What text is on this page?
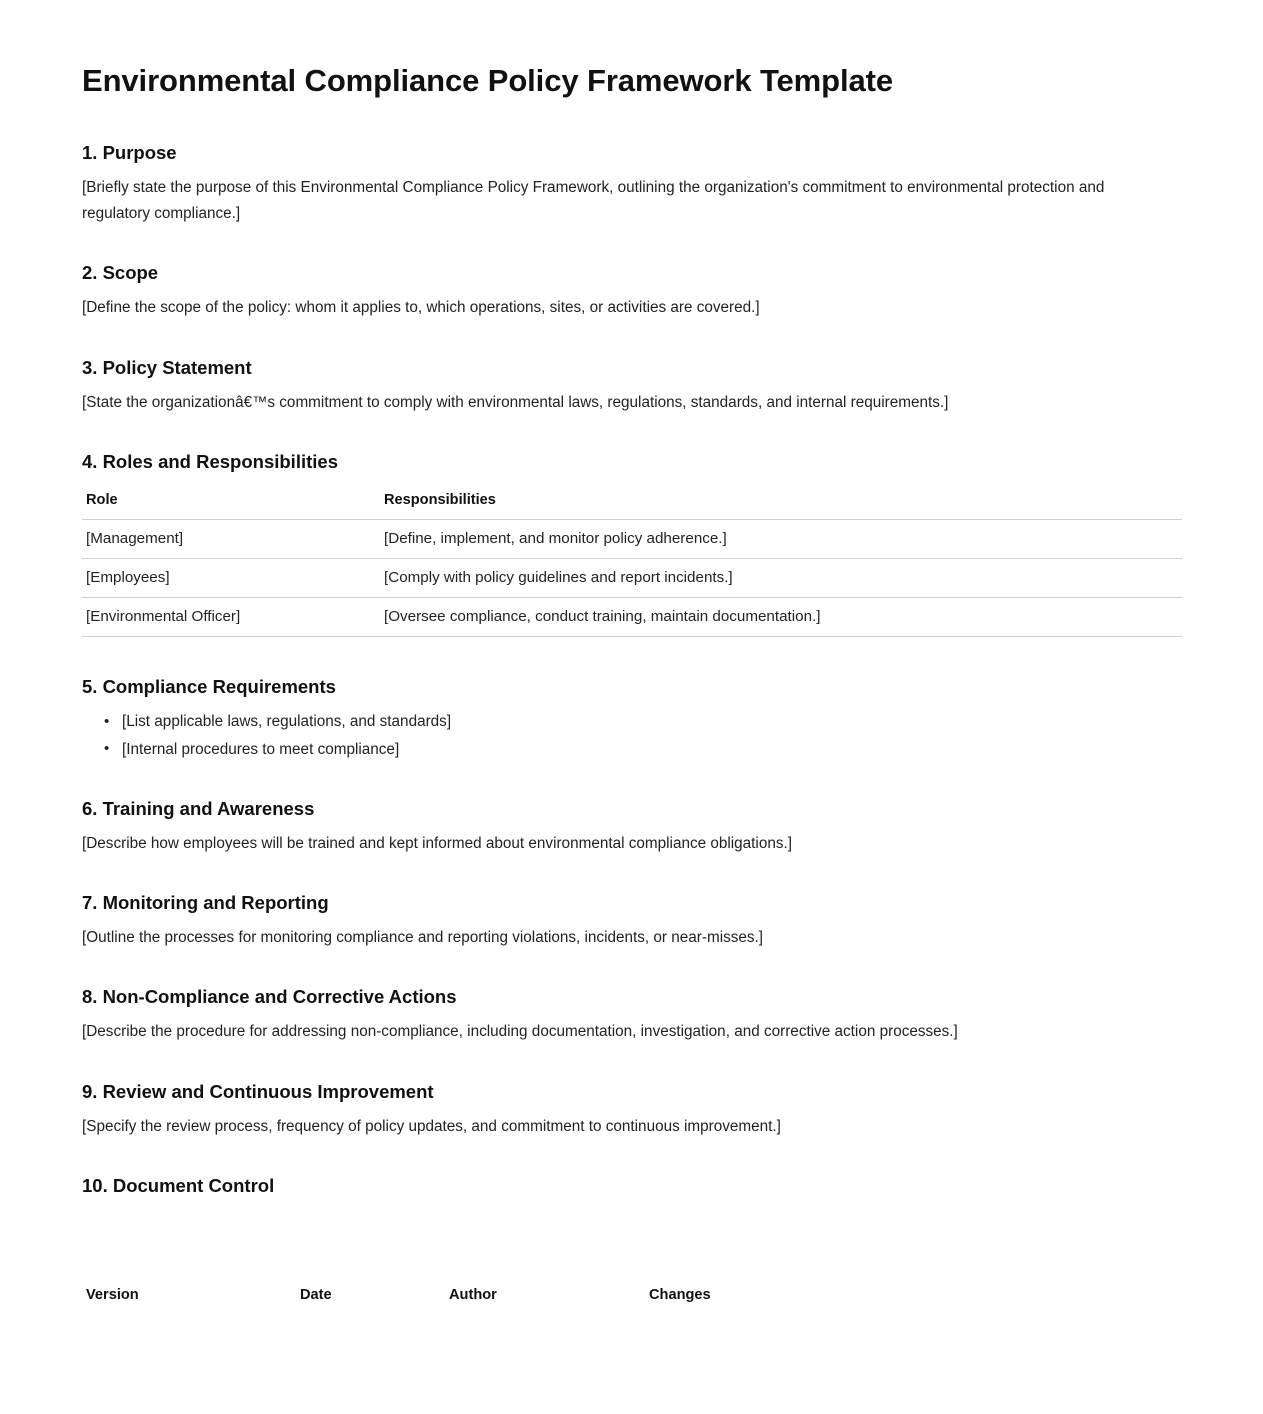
Environmental Compliance Policy Framework Template
1. Purpose

[Briefly state the purpose of this Environmental Compliance Policy Framework, outlining the organization's commitment to environmental protection and regulatory compliance.]

2. Scope

[Define the scope of the policy: whom it applies to, which operations, sites, or activities are covered.]

3. Policy Statement

[State the organizationâ€™s commitment to comply with environmental laws, regulations, standards, and internal requirements.]

4. Roles and Responsibilities
Role	Responsibilities
[Management]	[Define, implement, and monitor policy adherence.]
[Employees]	[Comply with policy guidelines and report incidents.]
[Environmental Officer]	[Oversee compliance, conduct training, maintain documentation.]
5. Compliance Requirements
• [List applicable laws, regulations, and standards]
• [Internal procedures to meet compliance]
6. Training and Awareness

[Describe how employees will be trained and kept informed about environmental compliance obligations.]

7. Monitoring and Reporting

[Outline the processes for monitoring compliance and reporting violations, incidents, or near-misses.]

8. Non-Compliance and Corrective Actions

[Describe the procedure for addressing non-compliance, including documentation, investigation, and corrective action processes.]

9. Review and Continuous Improvement

[Specify the review process, frequency of policy updates, and commitment to continuous improvement.]

10. Document Control
Version	Date	Author	Changes
